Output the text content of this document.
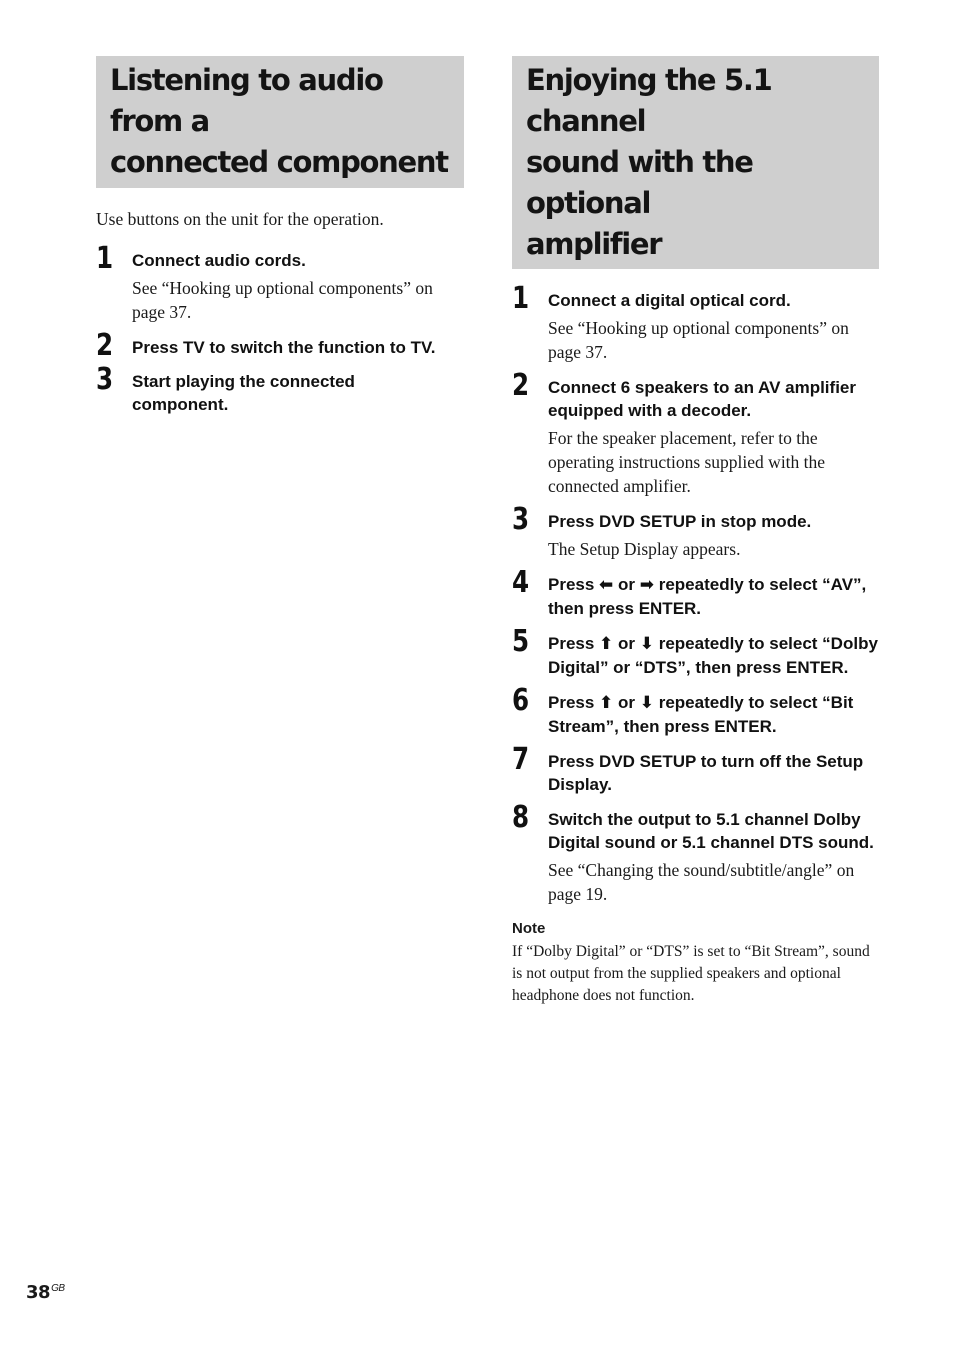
Listening to audio from a
connected component

Use buttons on the unit for the operation.

1 Connect audio cords.

See “Hooking up optional components” on page 37.

2 Press TV to switch the function to TV.

3 Start playing the connected
component.

Enjoying the 5.1 channel
sound with the optional
amplifier
1 Connect a digital optical cord.

See “Hooking up optional components” on page 37.

2 Connect 6 speakers to an AV amplifier equipped with a decoder.

For the speaker placement, refer to the operating instructions supplied with the connected amplifier.

3 Press DVD SETUP in stop mode.

The Setup Display appears.

4 Press ⬅ or ➡ repeatedly to select “AV”, then press ENTER.

5 Press ⬆ or ⬇ repeatedly to select “Dolby Digital” or “DTS”, then press ENTER.

6 Press ⬆ or ⬇ repeatedly to select “Bit Stream”, then press ENTER.

7 Press DVD SETUP to turn off the Setup Display.

8 Switch the output to 5.1 channel Dolby Digital sound or 5.1 channel DTS sound.

See “Changing the sound/subtitle/angle” on page 19.

Note

If “Dolby Digital” or “DTS” is set to “Bit Stream”, sound is not output from the supplied speakers and optional headphone does not function.

$38^{GB}$
